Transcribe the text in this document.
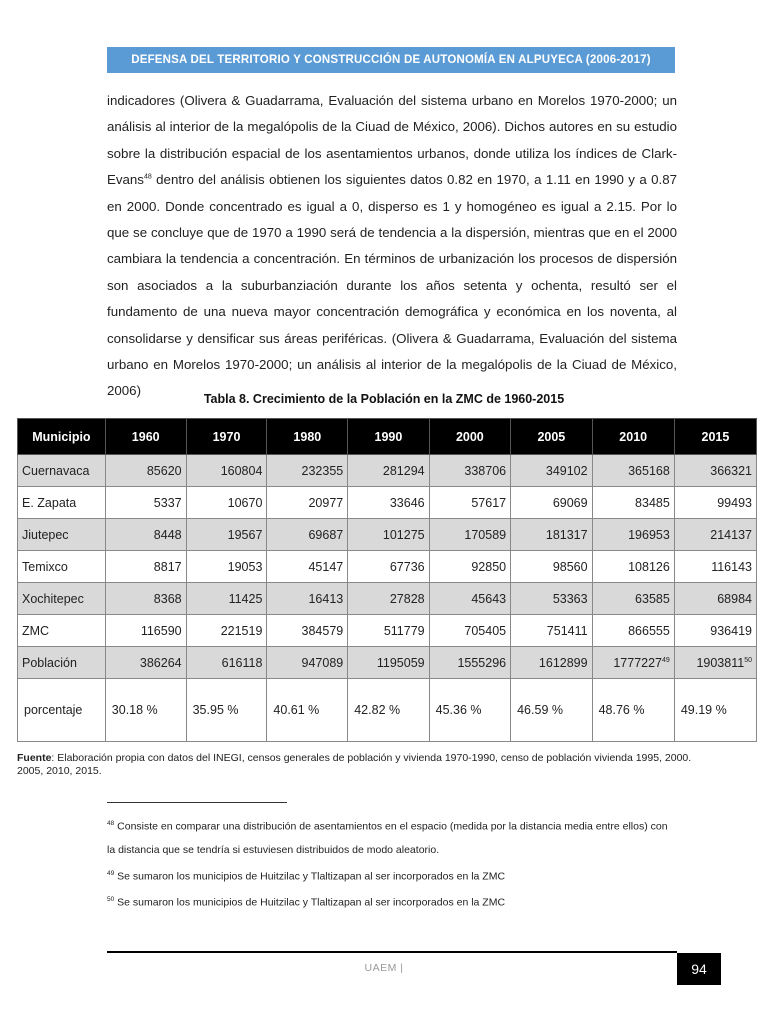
DEFENSA DEL TERRITORIO Y CONSTRUCCIÓN DE AUTONOMÍA EN ALPUYECA (2006-2017)
indicadores (Olivera & Guadarrama, Evaluación del sistema urbano en Morelos 1970-2000; un análisis al interior de la megalópolis de la Ciuad de México, 2006). Dichos autores en su estudio sobre la distribución espacial de los asentamientos urbanos, donde utiliza los índices de Clark-Evans$^{48}$ dentro del análisis obtienen los siguientes datos 0.82 en 1970, a 1.11 en 1990 y a 0.87 en 2000. Donde concentrado es igual a 0, disperso es 1 y homogéneo es igual a 2.15. Por lo que se concluye que de 1970 a 1990 será de tendencia a la dispersión, mientras que en el 2000 cambiara la tendencia a concentración. En términos de urbanización los procesos de dispersión son asociados a la suburbanziación durante los años setenta y ochenta, resultó ser el fundamento de una nueva mayor concentración demográfica y económica en los noventa, al consolidarse y densificar sus áreas periféricas. (Olivera & Guadarrama, Evaluación del sistema urbano en Morelos 1970-2000; un análisis al interior de la megalópolis de la Ciuad de México, 2006)
Tabla 8. Crecimiento de la Población en la ZMC de 1960-2015
Municipio	1960	1970	1980	1990	2000	2005	2010	2015
Cuernavaca	85620	160804	232355	281294	338706	349102	365168	366321
E. Zapata	5337	10670	20977	33646	57617	69069	83485	99493
Jiutepec	8448	19567	69687	101275	170589	181317	196953	214137
Temixco	8817	19053	45147	67736	92850	98560	108126	116143
Xochitepec	8368	11425	16413	27828	45643	53363	63585	68984
ZMC	116590	221519	384579	511779	705405	751411	866555	936419
Población	386264	616118	947089	1195059	1555296	1612899	1777227$^{49}$	1903811$^{50}$
porcentaje	30.18 %	35.95 %	40.61 %	42.82 %	45.36 %	46.59 %	48.76 %	49.19 %
Fuente: Elaboración propia con datos del INEGI, censos generales de población y vivienda 1970-1990, censo de población vivienda 1995, 2000. 2005, 2010, 2015.

$^{48}$ Consiste en comparar una distribución de asentamientos en el espacio (medida por la distancia media entre ellos) con la distancia que se tendría si estuviesen distribuidos de modo aleatorio.

$^{49}$ Se sumaron los municipios de Huitzilac y Tlaltizapan al ser incorporados en la ZMC

$^{50}$ Se sumaron los municipios de Huitzilac y Tlaltizapan al ser incorporados en la ZMC

UAEM |	94
